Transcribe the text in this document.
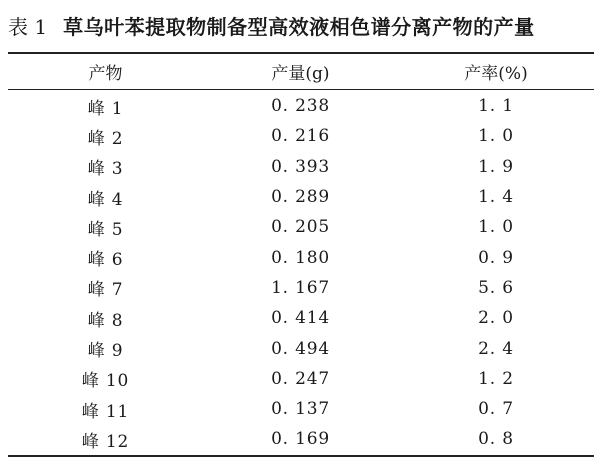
表 1 草乌叶苯提取物制备型高效液相色谱分离产物的产量
产物	产量(g)	产率(%)
峰 1	0. 238	1. 1
峰 2	0. 216	1. 0
峰 3	0. 393	1. 9
峰 4	0. 289	1. 4
峰 5	0. 205	1. 0
峰 6	0. 180	0. 9
峰 7	1. 167	5. 6
峰 8	0. 414	2. 0
峰 9	0. 494	2. 4
峰 10	0. 247	1. 2
峰 11	0. 137	0. 7
峰 12	0. 169	0. 8
